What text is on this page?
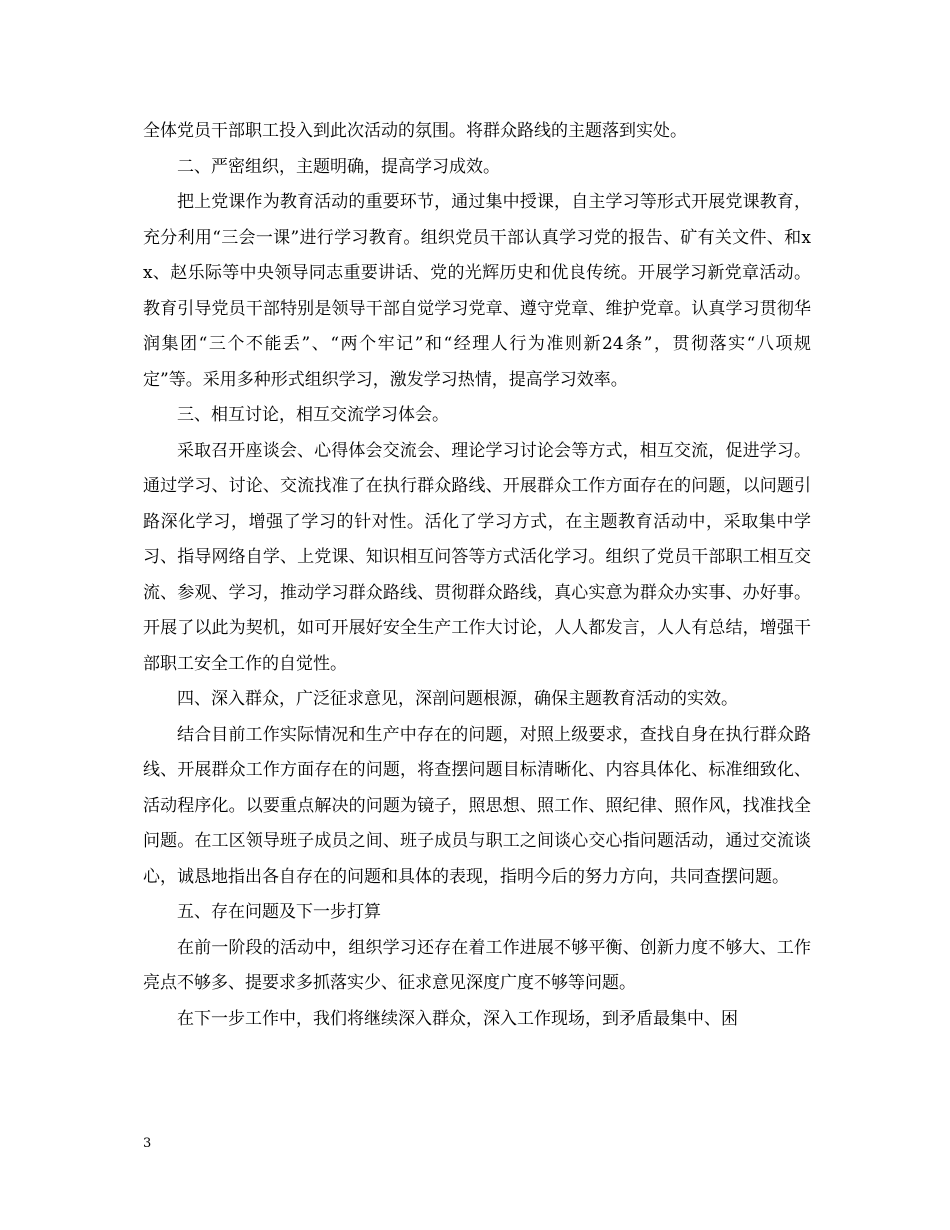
全体党员干部职工投入到此次活动的氛围。将群众路线的主题落到实处。

二、严密组织，主题明确，提高学习成效。

把上党课作为教育活动的重要环节，通过集中授课，自主学习等形式开展党课教育，充分利用“三会一课”进行学习教育。组织党员干部认真学习党的报告、矿有关文件、和xx、赵乐际等中央领导同志重要讲话、党的光辉历史和优良传统。开展学习新党章活动。教育引导党员干部特别是领导干部自觉学习党章、遵守党章、维护党章。认真学习贯彻华润集团“三个不能丢”、“两个牢记”和“经理人行为准则新24条”，贯彻落实“八项规定”等。采用多种形式组织学习，激发学习热情，提高学习效率。

三、相互讨论，相互交流学习体会。

采取召开座谈会、心得体会交流会、理论学习讨论会等方式，相互交流，促进学习。通过学习、讨论、交流找准了在执行群众路线、开展群众工作方面存在的问题，以问题引路深化学习，增强了学习的针对性。活化了学习方式，在主题教育活动中，采取集中学习、指导网络自学、上党课、知识相互问答等方式活化学习。组织了党员干部职工相互交流、参观、学习，推动学习群众路线、贯彻群众路线，真心实意为群众办实事、办好事。开展了以此为契机，如可开展好安全生产工作大讨论，人人都发言，人人有总结，增强干部职工安全工作的自觉性。

四、深入群众，广泛征求意见，深剖问题根源，确保主题教育活动的实效。

结合目前工作实际情况和生产中存在的问题，对照上级要求，查找自身在执行群众路线、开展群众工作方面存在的问题，将查摆问题目标清晰化、内容具体化、标准细致化、活动程序化。以要重点解决的问题为镜子，照思想、照工作、照纪律、照作风，找准找全问题。在工区领导班子成员之间、班子成员与职工之间谈心交心指问题活动，通过交流谈心，诚恳地指出各自存在的问题和具体的表现，指明今后的努力方向，共同查摆问题。

五、存在问题及下一步打算

在前一阶段的活动中，组织学习还存在着工作进展不够平衡、创新力度不够大、工作亮点不够多、提要求多抓落实少、征求意见深度广度不够等问题。

在下一步工作中，我们将继续深入群众，深入工作现场，到矛盾最集中、困

3
